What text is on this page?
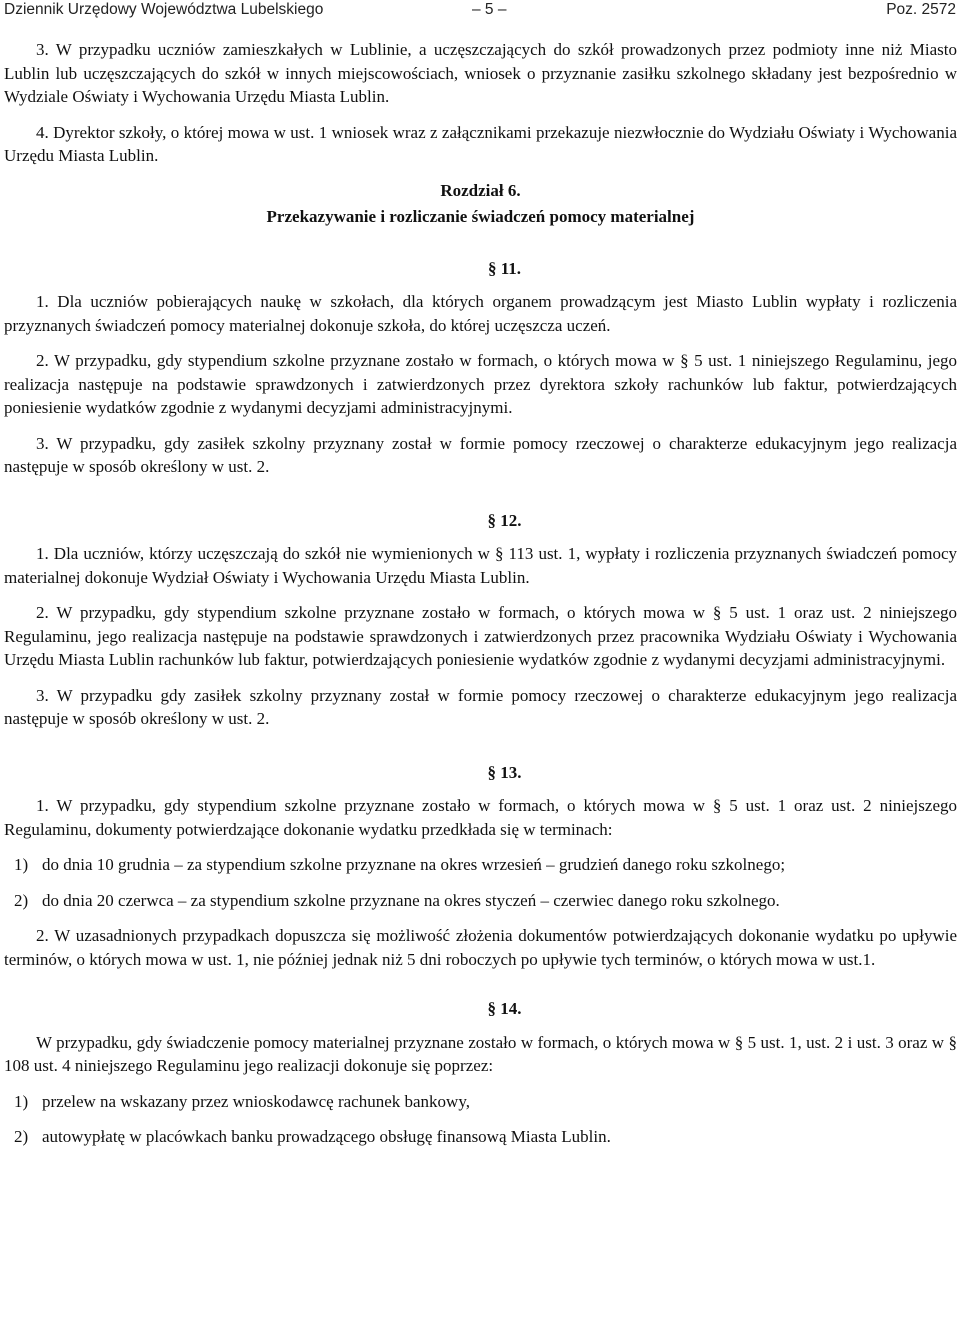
Dziennik Urzędowy Województwa Lubelskiego	– 5 –	Poz. 2572

3. W przypadku uczniów zamieszkałych w Lublinie, a uczęszczających do szkół prowadzonych przez podmioty inne niż Miasto Lublin lub uczęszczających do szkół w innych miejscowościach, wniosek o przyznanie zasiłku szkolnego składany jest bezpośrednio w Wydziale Oświaty i Wychowania Urzędu Miasta Lublin.

4. Dyrektor szkoły, o której mowa w ust. 1 wniosek wraz z załącznikami przekazuje niezwłocznie do Wydziału Oświaty i Wychowania Urzędu Miasta Lublin.

Rozdział 6.

Przekazywanie i rozliczanie świadczeń pomocy materialnej

§ 11.

1. Dla uczniów pobierających naukę w szkołach, dla których organem prowadzącym jest Miasto Lublin wypłaty i rozliczenia przyznanych świadczeń pomocy materialnej dokonuje szkoła, do której uczęszcza uczeń.

2. W przypadku, gdy stypendium szkolne przyznane zostało w formach, o których mowa w § 5 ust. 1 niniejszego Regulaminu, jego realizacja następuje na podstawie sprawdzonych i zatwierdzonych przez dyrektora szkoły rachunków lub faktur, potwierdzających poniesienie wydatków zgodnie z wydanymi decyzjami administracyjnymi.

3. W przypadku, gdy zasiłek szkolny przyznany został w formie pomocy rzeczowej o charakterze edukacyjnym jego realizacja następuje w sposób określony w ust. 2.

§ 12.

1. Dla uczniów, którzy uczęszczają do szkół nie wymienionych w § 113 ust. 1, wypłaty i rozliczenia przyznanych świadczeń pomocy materialnej dokonuje Wydział Oświaty i Wychowania Urzędu Miasta Lublin.

2. W przypadku, gdy stypendium szkolne przyznane zostało w formach, o których mowa w § 5 ust. 1 oraz ust. 2 niniejszego Regulaminu, jego realizacja następuje na podstawie sprawdzonych i zatwierdzonych przez pracownika Wydziału Oświaty i Wychowania Urzędu Miasta Lublin rachunków lub faktur, potwierdzających poniesienie wydatków zgodnie z wydanymi decyzjami administracyjnymi.

3. W przypadku gdy zasiłek szkolny przyznany został w formie pomocy rzeczowej o charakterze edukacyjnym jego realizacja następuje w sposób określony w ust. 2.

§ 13.

1. W przypadku, gdy stypendium szkolne przyznane zostało w formach, o których mowa w § 5 ust. 1 oraz ust. 2 niniejszego Regulaminu, dokumenty potwierdzające dokonanie wydatku przedkłada się w terminach:

1) do dnia 10 grudnia – za stypendium szkolne przyznane na okres wrzesień – grudzień danego roku szkolnego;
2) do dnia 20 czerwca – za stypendium szkolne przyznane na okres styczeń – czerwiec danego roku szkolnego.

2. W uzasadnionych przypadkach dopuszcza się możliwość złożenia dokumentów potwierdzających dokonanie wydatku po upływie terminów, o których mowa w ust. 1, nie później jednak niż 5 dni roboczych po upływie tych terminów, o których mowa w ust.1.

§ 14.

W przypadku, gdy świadczenie pomocy materialnej przyznane zostało w formach, o których mowa w § 5 ust. 1, ust. 2 i ust. 3 oraz w § 108 ust. 4 niniejszego Regulaminu jego realizacji dokonuje się poprzez:

1) przelew na wskazany przez wnioskodawcę rachunek bankowy,
2) autowypłatę w placówkach banku prowadzącego obsługę finansową Miasta Lublin.
